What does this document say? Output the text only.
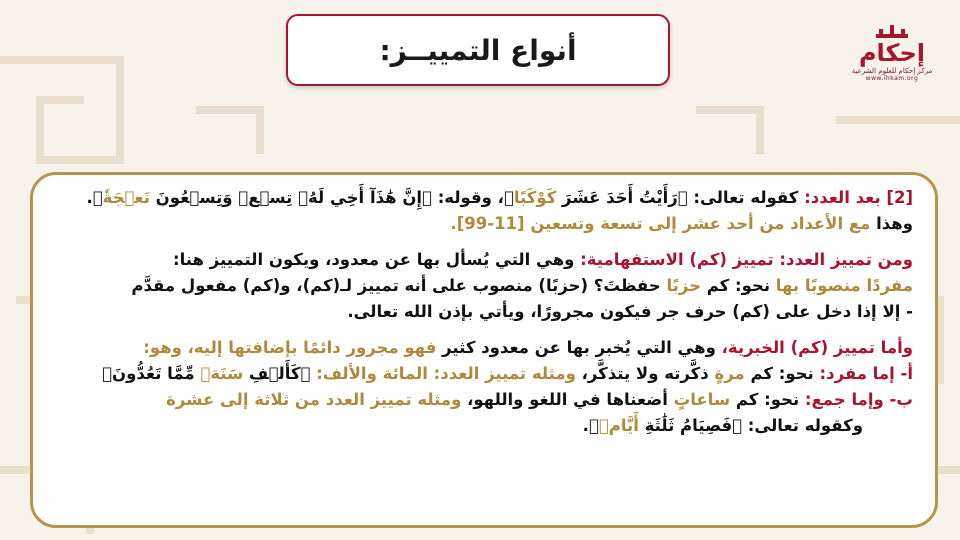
أنواع التمييــز:	إحكام
مركز إحكام للعلوم الشرعية
www.ihkam.org

[2] بعد العدد: كقوله تعالى: ﴿رَأَيْتُ أَحَدَ عَشَرَ كَوْكَبًا﴾، وقوله: ﴿إِنَّ هَٰذَآ أَخِي لَهُۥ تِسۡعٞ وَتِسۡعُونَ نَعۡجَةٗ﴾.

وهذا مع الأعداد من أحد عشر إلى تسعة وتسعين [11-99].

ومن تمييز العدد: تمييز (كم) الاستفهامية: وهي التي يُسأل بها عن معدود، ويكون التمييز هنا:

مفردًا منصوبًا بها نحو: كم حزبًا حفظتَ؟ (حزبًا) منصوب على أنه تمييز لـ(كم)، و(كم) مفعول مقدَّم

- إلا إذا دخل على (كم) حرف جر فيكون مجرورًا، ويأتي بإذن الله تعالى.

وأما تمييز (كم) الخبرية، وهي التي يُخبر بها عن معدود كثير فهو مجرور دائمًا بإضافتها إليه، وهو:

أ- إما مفرد: نحو: كم مرةٍ ذكَّرته ولا يتذكَّر، ومثله تمييز العدد: المائة والألف: ﴿كَأَلۡفِ سَنَةٖ مِّمَّا تَعُدُّونَ﴾

ب- وإما جمع: نحو: كم ساعاتٍ أضعناها في اللغو واللهو، ومثله تمييز العدد من ثلاثة إلى عشرة

وكقوله تعالى: ﴿فَصِيَامُ ثَلَٰثَةِ أَيَّامٖ﴾.
